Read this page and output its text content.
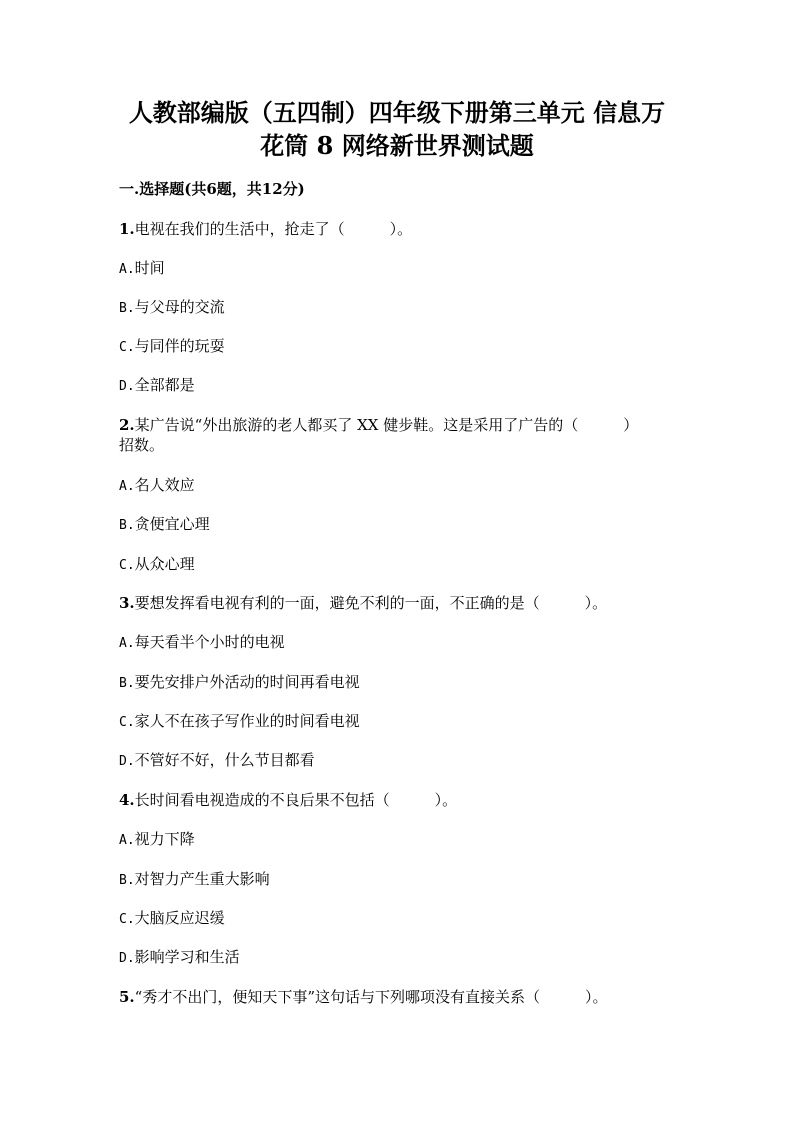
人教部编版（五四制）四年级下册第三单元 信息万
花筒 8 网络新世界测试题
一.选择题(共6题，共12分)
1.电视在我们的生活中，抢走了（　　　）。
A.时间
B.与父母的交流
C.与同伴的玩耍
D.全部都是
2.某广告说“外出旅游的老人都买了 XX 健步鞋。这是采用了广告的（　　　）
招数。
A.名人效应
B.贪便宜心理
C.从众心理
3.要想发挥看电视有利的一面，避免不利的一面，不正确的是（　　　）。
A.每天看半个小时的电视
B.要先安排户外活动的时间再看电视
C.家人不在孩子写作业的时间看电视
D.不管好不好，什么节目都看
4.长时间看电视造成的不良后果不包括（　　　）。
A.视力下降
B.对智力产生重大影响
C.大脑反应迟缓
D.影响学习和生活
5.“秀才不出门，便知天下事”这句话与下列哪项没有直接关系（　　　）。
